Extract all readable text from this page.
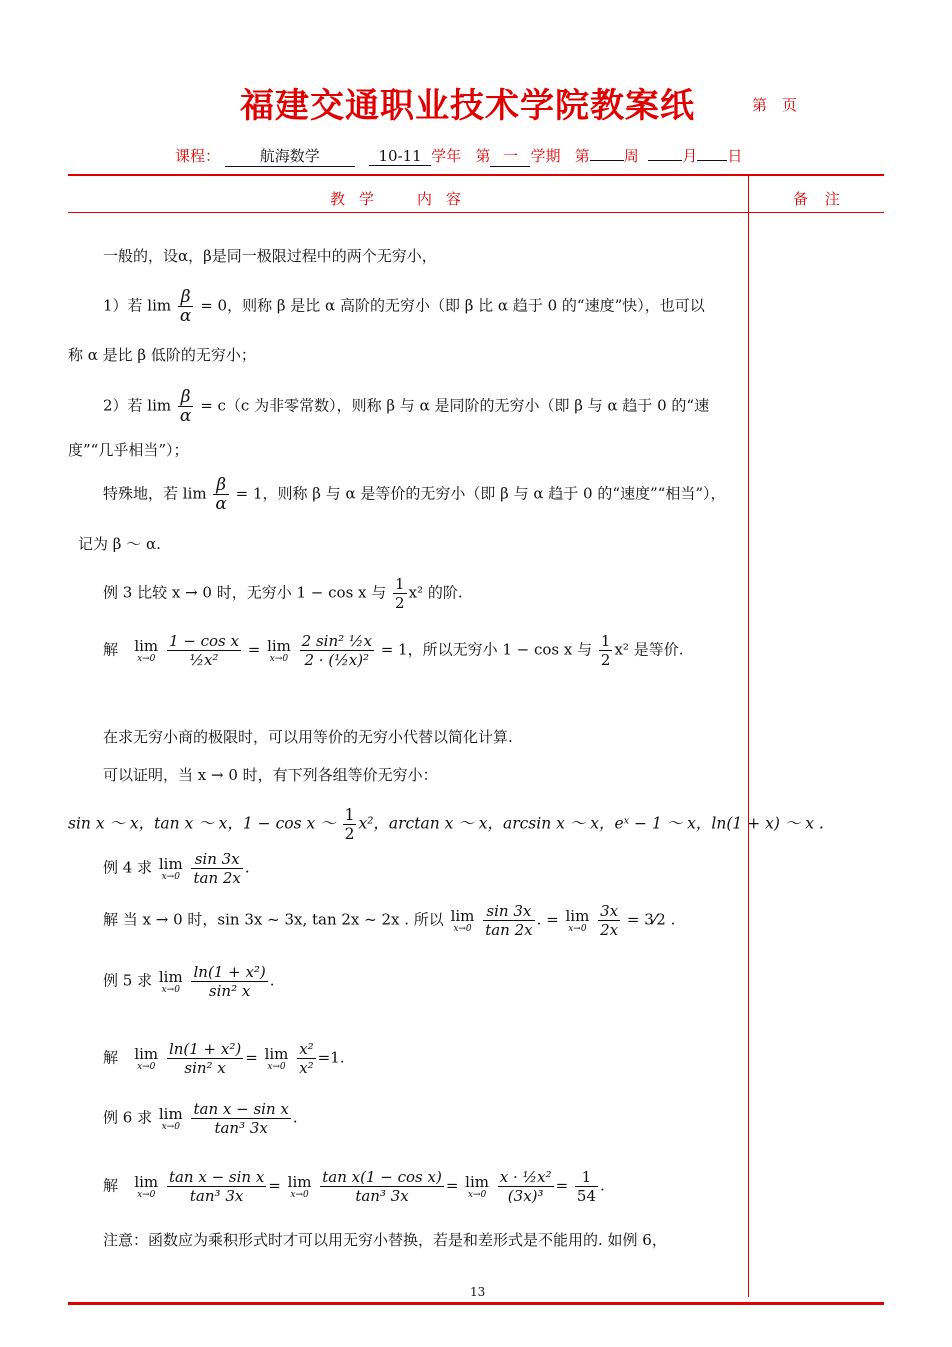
福建交通职业技术学院教案纸	第　页
课程：	航海数学	10-11 学年 第 一 学期 第 周	月 日
教学　内容	备 注
一般的，设α，β是同一极限过程中的两个无穷小，
1）若 $\lim \frac{\beta}{\alpha} = 0$，则称 β 是比 α 高阶的无穷小（即 β 比 α 趋于 0 的“速度”快），也可以
称 α 是比 β 低阶的无穷小；
2）若 $\lim \frac{\beta}{\alpha} = c(c$ 为非零常数），则称 β 与 α 是同阶的无穷小（即 β 与 α 趋于 0 的“速
度”“几乎相当”）；
特殊地，若 $\lim \frac{\beta}{\alpha} = 1$，则称 β 与 α 是等价的无穷小（即 β 与 α 趋于 0 的“速度”“相当”），
记为 β ～ α.
例 3 比较 x → 0 时，无穷小 1 − cos x 与 $\frac{1}{2} x^2$ 的阶.
解 lim
x→0
$\frac{\text{1 − cos x}}{\text{½x²}} = \lim$
x→0
$\frac{\text{2 sin² ½x}}{\text{2 · (½x)²}} = 1$，所以无穷小 1 − cos x 与 $\frac{1}{2} x^2$ 是等价.
在求无穷小商的极限时，可以用等价的无穷小代替以简化计算.
可以证明，当 x → 0 时，有下列各组等价无穷小：
sin x ～ x，tan x ～ x，1 − cos x ～ $\frac{1}{2} x^2$，arctan x ～ x，arcsin x ～ x，eˣ − 1 ～ x，ln(1 + x) ～ x .
例 4 求 lim
x→0
$\frac{\sin 3x}{\tan 2x}$ .
解 当 x → 0 时，sin 3x ~ 3x, tan 2x ~ 2x . 所以 lim
x→0
$\frac{\sin 3x}{\tan 2x}$ . = lim
x→0
$\frac{3x}{2x}$ = 3⁄2 .
例 5 求 lim
x→0
$\frac{\text{ln(1 + x²)}}{\text{sin² x}}$ .
解 lim
x→0
$\frac{\text{ln(1 + x²)}}{\text{sin² x}} = \lim$
x→0
$\frac{\text{x²}}{\text{x²}} =1$.
例 6 求 lim
x→0
$\frac{\text{tan x − sin x}}{\text{tan³ 3x}}$ .
解 lim
x→0
$\frac{\text{tan x − sin x}}{\text{tan³ 3x}} = \lim$
x→0
$\frac{\text{tan x(1 − cos x)}}{\text{tan³ 3x}} = \lim$
x→0
$\frac{\text{x · ½x²}}{\text{(3x)³}} = \frac{1}{54}$ .
注意：函数应为乘积形式时才可以用无穷小替换，若是和差形式是不能用的. 如例 6，
13
